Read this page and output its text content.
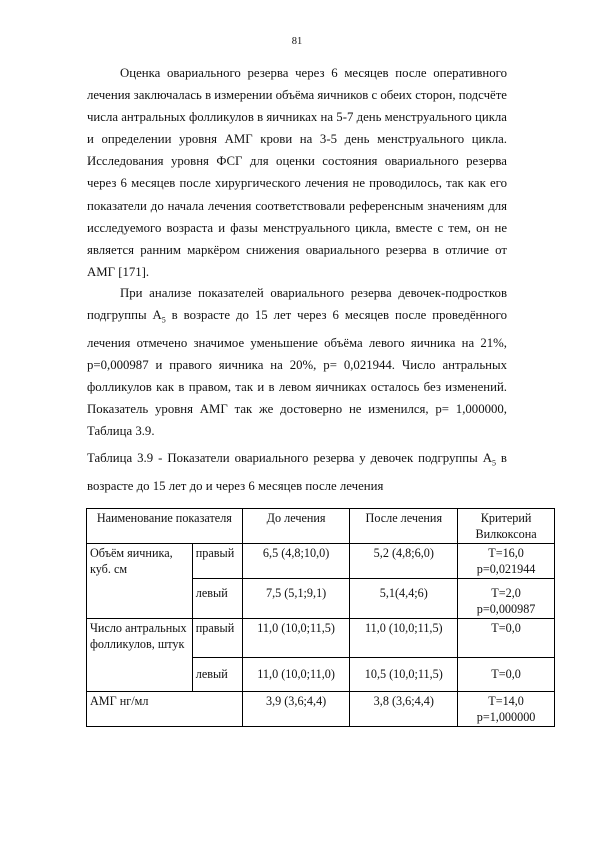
81

Оценка овариального резерва через 6 месяцев после оперативного лечения заключалась в измерении объёма яичников с обеих сторон, подсчёте числа антральных фолликулов в яичниках на 5-7 день менструального цикла и определении уровня АМГ крови на 3-5 день менструального цикла. Исследования уровня ФСГ для оценки состояния овариального резерва через 6 месяцев после хирургического лечения не проводилось, так как его показатели до начала лечения соответствовали референсным значениям для исследуемого возраста и фазы менструального цикла, вместе с тем, он не является ранним маркёром снижения овариального резерва в отличие от АМГ [171].

При анализе показателей овариального резерва девочек-подростков подгруппы $А_5$ в возрасте до 15 лет через 6 месяцев после проведённого лечения отмечено значимое уменьшение объёма левого яичника на 21%, p=0,000987 и правого яичника на 20%, p= 0,021944. Число антральных фолликулов как в правом, так и в левом яичниках осталось без изменений. Показатель уровня АМГ так же достоверно не изменился, p= 1,000000, Таблица 3.9.

Таблица 3.9 - Показатели овариального резерва у девочек подгруппы $А_5$ в возрасте до 15 лет до и через 6 месяцев после лечения

Наименование показателя		До лечения	После лечения	Критерий Вилкоксона
Объём яичника, куб. см	правый	6,5 (4,8;10,0)	5,2 (4,8;6,0)	T=16,0 p=0,021944
	левый	7,5 (5,1;9,1)	5,1(4,4;6)	T=2,0 p=0,000987
Число антральных фолликулов, штук	правый	11,0 (10,0;11,5)	11,0 (10,0;11,5)	T=0,0
	левый	11,0 (10,0;11,0)	10,5 (10,0;11,5)	T=0,0
АМГ нг/мл		3,9 (3,6;4,4)	3,8 (3,6;4,4)	T=14,0 p=1,000000
